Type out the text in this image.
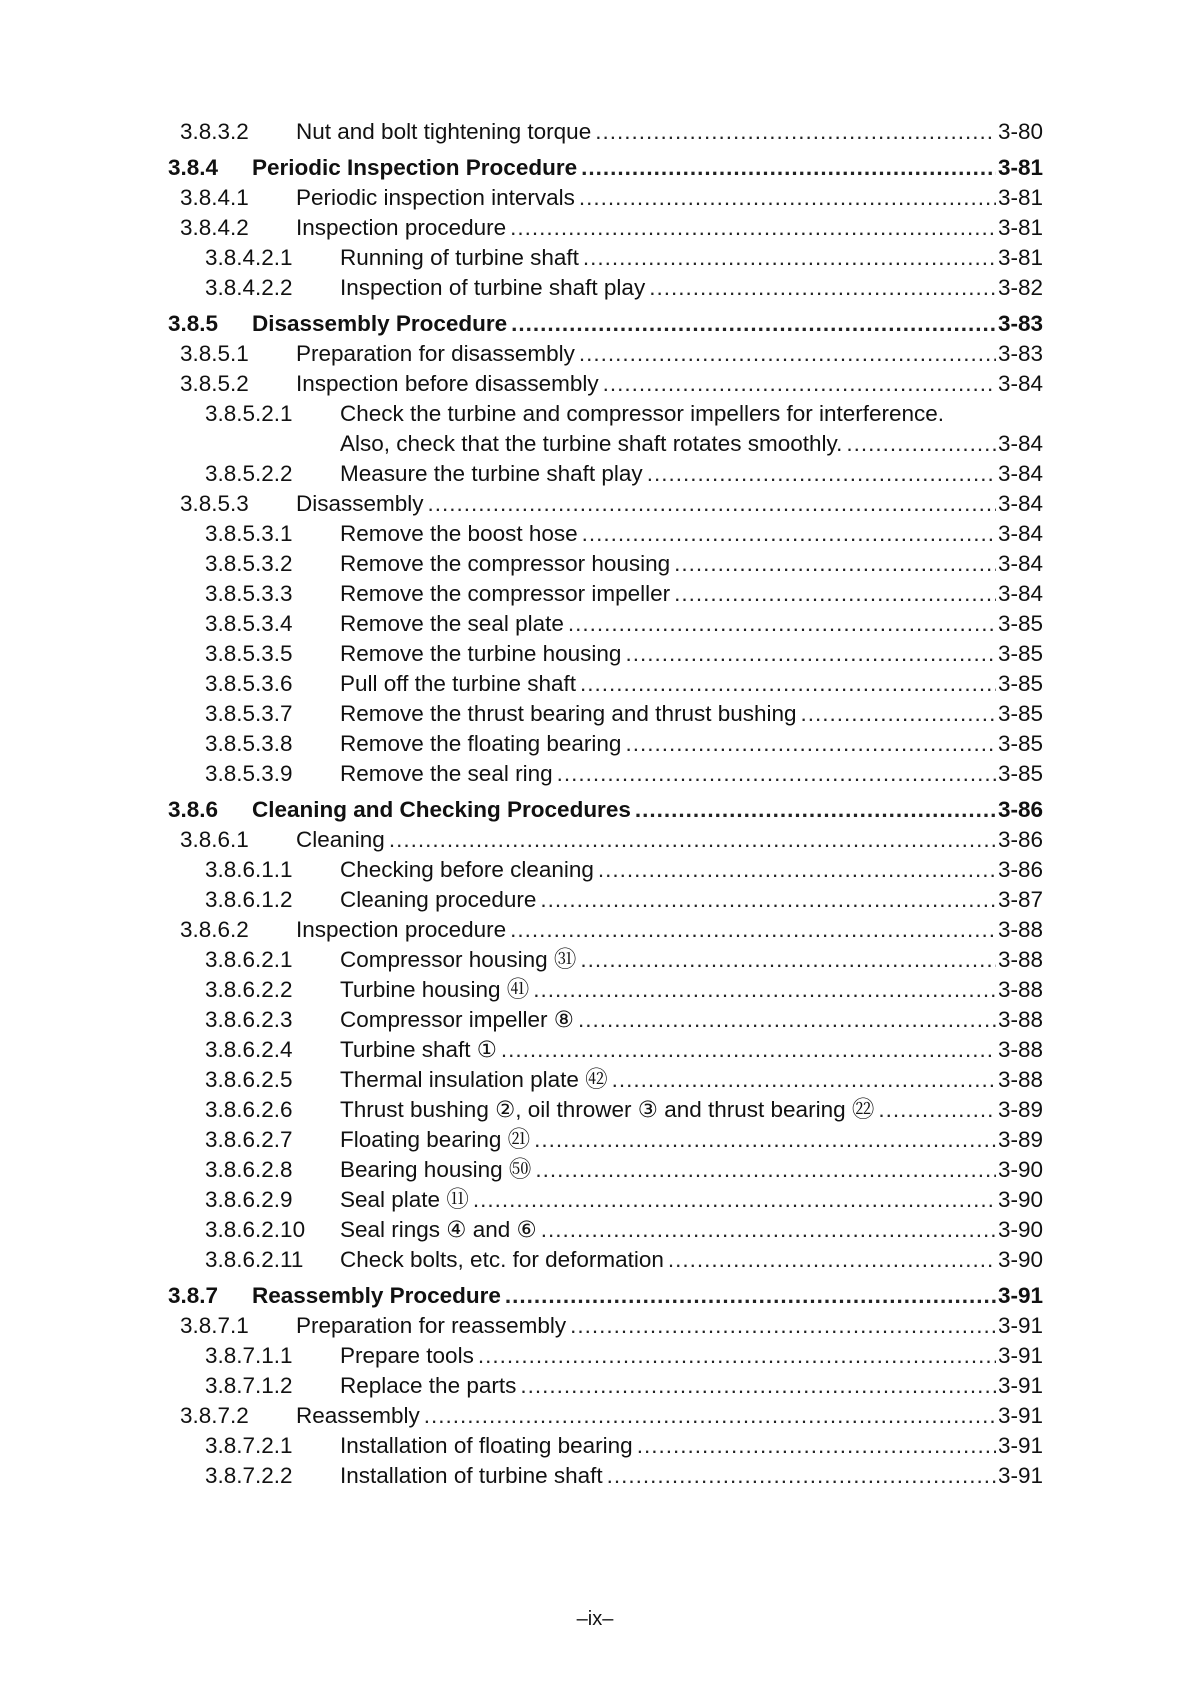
3.8.3.2	Nut and bolt tightening torque .....	3-80
3.8.4	Periodic Inspection Procedure .....	3-81
3.8.4.1	Periodic inspection intervals .....	3-81
3.8.4.2	Inspection procedure .....	3-81
3.8.4.2.1	Running of turbine shaft .....	3-81
3.8.4.2.2	Inspection of turbine shaft play .....	3-82
3.8.5	Disassembly Procedure .....	3-83
3.8.5.1	Preparation for disassembly .....	3-83
3.8.5.2	Inspection before disassembly .....	3-84
3.8.5.2.1	Check the turbine and compressor impellers for interference.
Also, check that the turbine shaft rotates smoothly. .....	3-84
3.8.5.2.2	Measure the turbine shaft play .....	3-84
3.8.5.3	Disassembly .....	3-84
3.8.5.3.1	Remove the boost hose .....	3-84
3.8.5.3.2	Remove the compressor housing .....	3-84
3.8.5.3.3	Remove the compressor impeller .....	3-84
3.8.5.3.4	Remove the seal plate .....	3-85
3.8.5.3.5	Remove the turbine housing .....	3-85
3.8.5.3.6	Pull off the turbine shaft .....	3-85
3.8.5.3.7	Remove the thrust bearing and thrust bushing .....	3-85
3.8.5.3.8	Remove the floating bearing .....	3-85
3.8.5.3.9	Remove the seal ring .....	3-85
3.8.6	Cleaning and Checking Procedures .....	3-86
3.8.6.1	Cleaning .....	3-86
3.8.6.1.1	Checking before cleaning .....	3-86
3.8.6.1.2	Cleaning procedure .....	3-87
3.8.6.2	Inspection procedure .....	3-88
3.8.6.2.1	Compressor housing ㉛ .....	3-88
3.8.6.2.2	Turbine housing ㊶ .....	3-88
3.8.6.2.3	Compressor impeller ⑧ .....	3-88
3.8.6.2.4	Turbine shaft ① .....	3-88
3.8.6.2.5	Thermal insulation plate ㊷ .....	3-88
3.8.6.2.6	Thrust bushing ②, oil thrower ③ and thrust bearing ㉒ .....	3-89
3.8.6.2.7	Floating bearing ㉑ .....	3-89
3.8.6.2.8	Bearing housing ㊿ .....	3-90
3.8.6.2.9	Seal plate ⑪ .....	3-90
3.8.6.2.10	Seal rings ④ and ⑥ .....	3-90
3.8.6.2.11	Check bolts, etc. for deformation .....	3-90
3.8.7	Reassembly Procedure .....	3-91
3.8.7.1	Preparation for reassembly .....	3-91
3.8.7.1.1	Prepare tools .....	3-91
3.8.7.1.2	Replace the parts .....	3-91
3.8.7.2	Reassembly .....	3-91
3.8.7.2.1	Installation of floating bearing .....	3-91
3.8.7.2.2	Installation of turbine shaft .....	3-91
–ix–
